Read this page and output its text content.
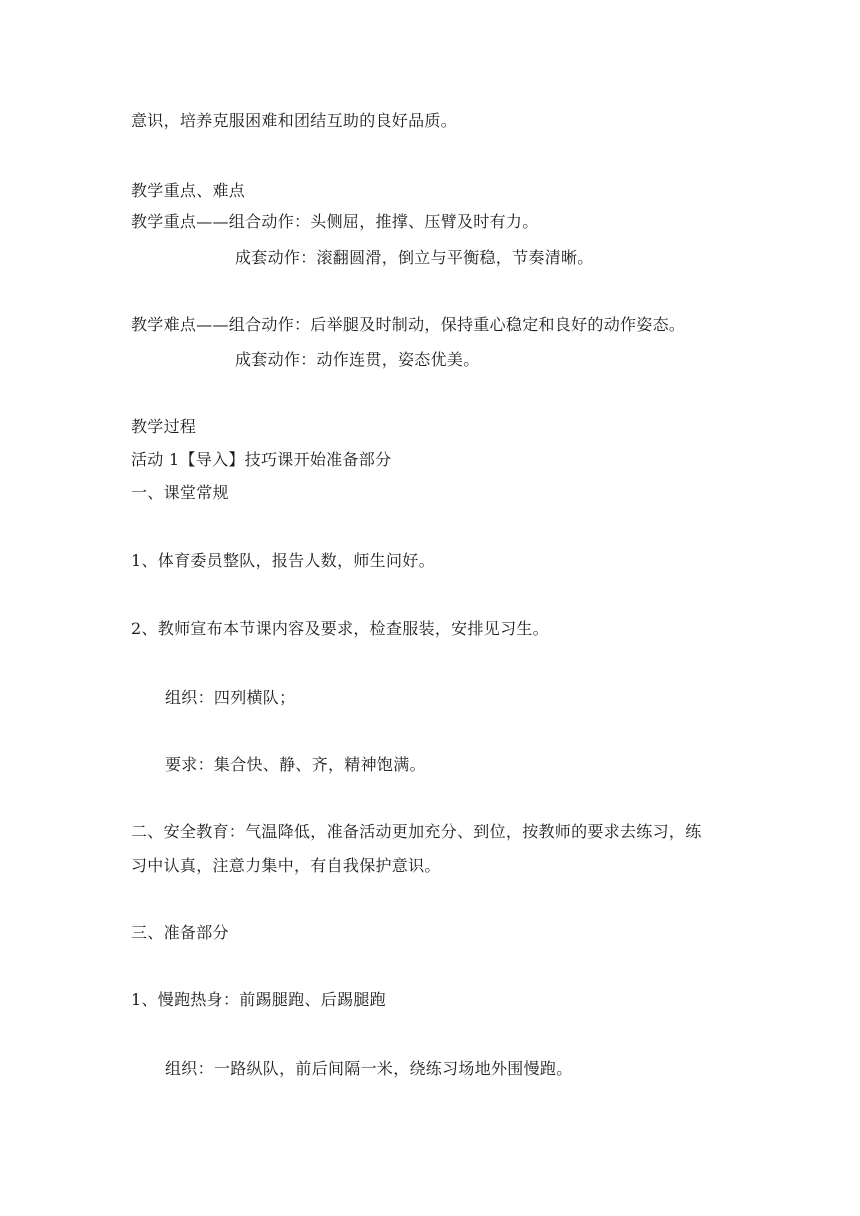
意识，培养克服困难和团结互助的良好品质。
教学重点、难点
教学重点——组合动作：头侧屈，推撑、压臂及时有力。
成套动作：滚翻圆滑，倒立与平衡稳，节奏清晰。
教学难点——组合动作：后举腿及时制动，保持重心稳定和良好的动作姿态。
成套动作：动作连贯，姿态优美。
教学过程
活动 1【导入】技巧课开始准备部分
一、课堂常规
1、体育委员整队，报告人数，师生问好。
2、教师宣布本节课内容及要求，检查服装，安排见习生。
组织：四列横队；
要求：集合快、静、齐，精神饱满。
二、安全教育：气温降低，准备活动更加充分、到位，按教师的要求去练习，练
习中认真，注意力集中，有自我保护意识。
三、准备部分
1、慢跑热身：前踢腿跑、后踢腿跑
组织：一路纵队，前后间隔一米，绕练习场地外围慢跑。
